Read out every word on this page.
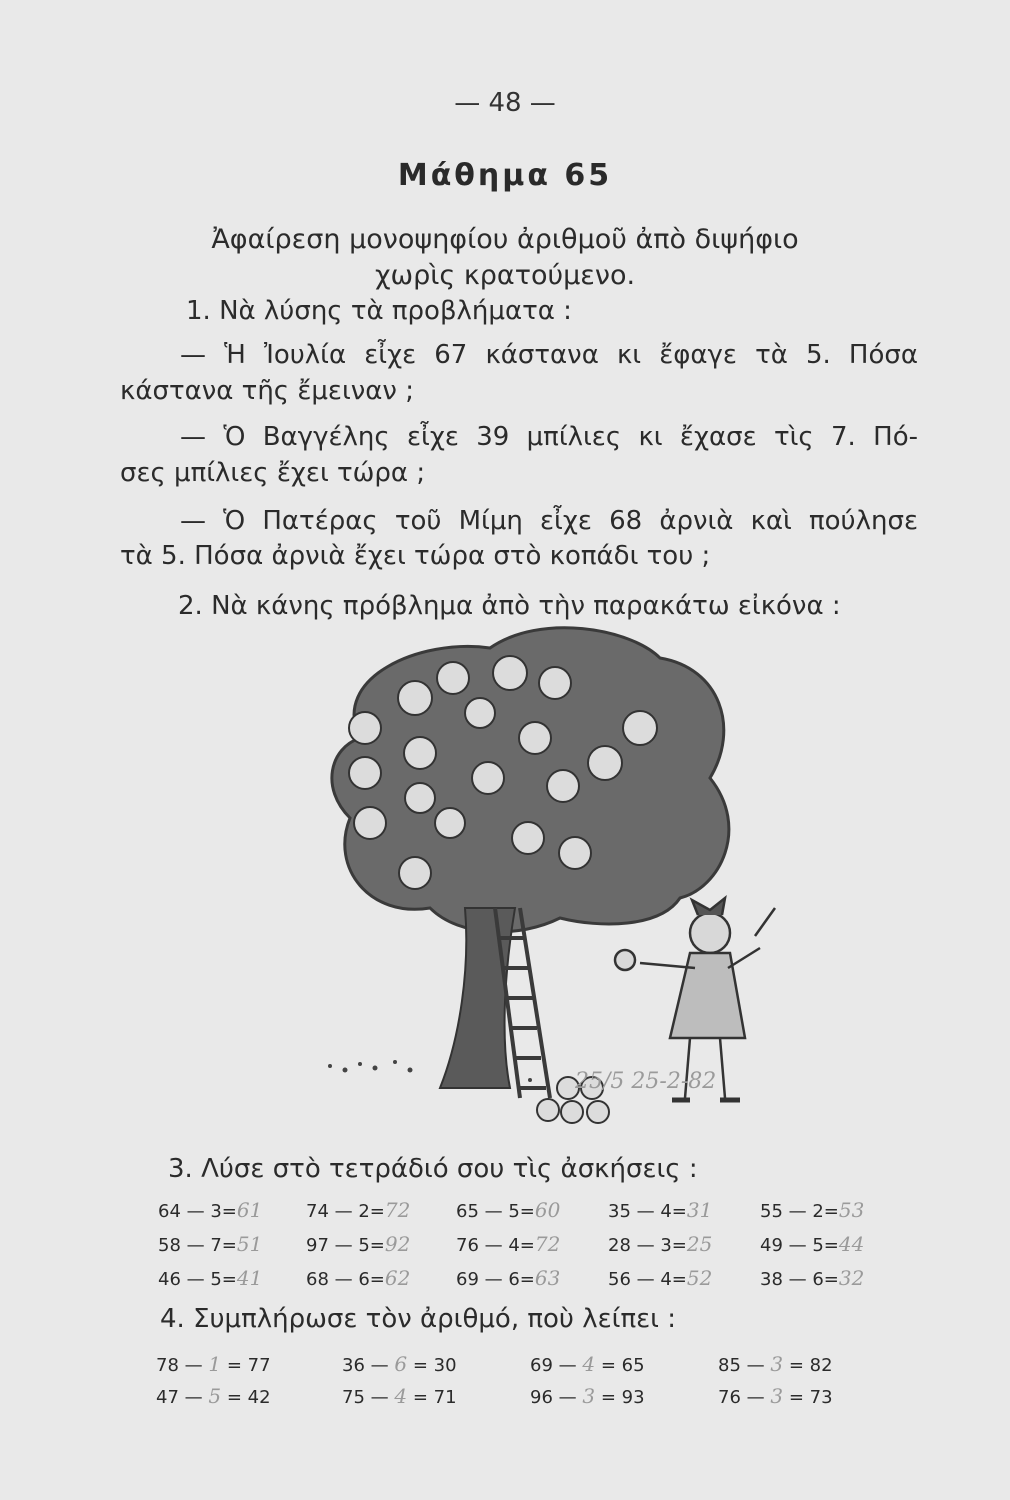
— 48 —
Μάθημα 65
Ἀφαίρεση μονοψηφίου ἀριθμοῦ ἀπὸ διψήφιο
χωρὶς κρατούμενο.
1. Νὰ λύσης τὰ προβλήματα :
— Ἡ Ἰουλία εἶχε 67 κάστανα κι ἔφαγε τὰ 5. Πόσα
κάστανα τῆς ἔμειναν ;
— Ὁ Βαγγέλης εἶχε 39 μπίλιες κι ἔχασε τὶς 7. Πό-
σες μπίλιες ἔχει τώρα ;
— Ὁ Πατέρας τοῦ Μίμη εἶχε 68 ἀρνιὰ καὶ πούλησε
τὰ 5. Πόσα ἀρνιὰ ἔχει τώρα στὸ κοπάδι του ;
2. Νὰ κάνης πρόβλημα ἀπὸ τὴν παρακάτω εἰκόνα :
25/5 25-2-82
3. Λύσε στὸ τετράδιό σου τὶς ἀσκήσεις :
64 — 3=61 74 — 2=72	65 — 5=60	35 — 4=31	55 — 2=53
58 — 7=51 97 — 5=92	76 — 4=72	28 — 3=25	49 — 5=44
46 — 5=41 68 — 6=62	69 — 6=63	56 — 4=52	38 — 6=32
4. Συμπλήρωσε τὸν ἀριθμό, ποὺ λείπει :
78 — 1 = 77	36 — 6 = 30	69 — 4 = 65	85 — 3 = 82
47 — 5 = 42	75 — 4 = 71	96 — 3 = 93	76 — 3 = 73
